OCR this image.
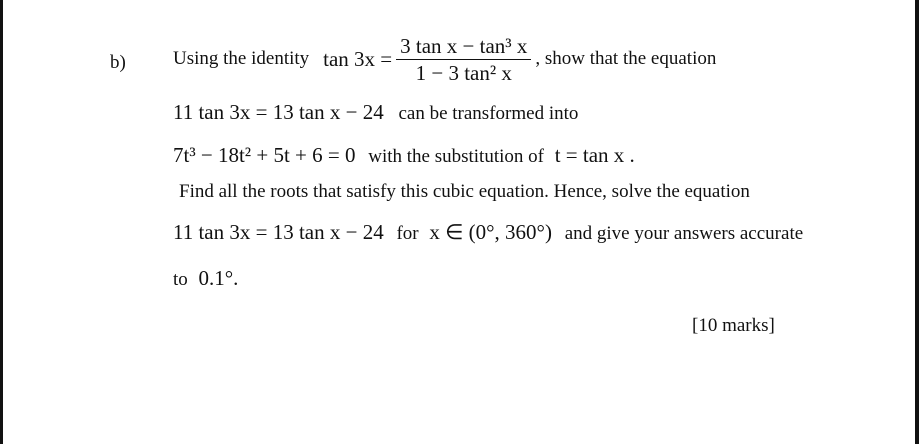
b) Using the identity $\tan 3x = \frac{\text{3 tan x − tan³ x}}{\text{1 − 3 tan² x}}$ , show that the equation
11 tan 3x = 13 tan x − 24 can be transformed into
7t³ − 18t² + 5t + 6 = 0 with the substitution of t = tan x .
Find all the roots that satisfy this cubic equation. Hence, solve the equation
11 tan 3x = 13 tan x − 24 for x ∈ (0°, 360°) and give your answers accurate
to 0.1°.
[10 marks]
